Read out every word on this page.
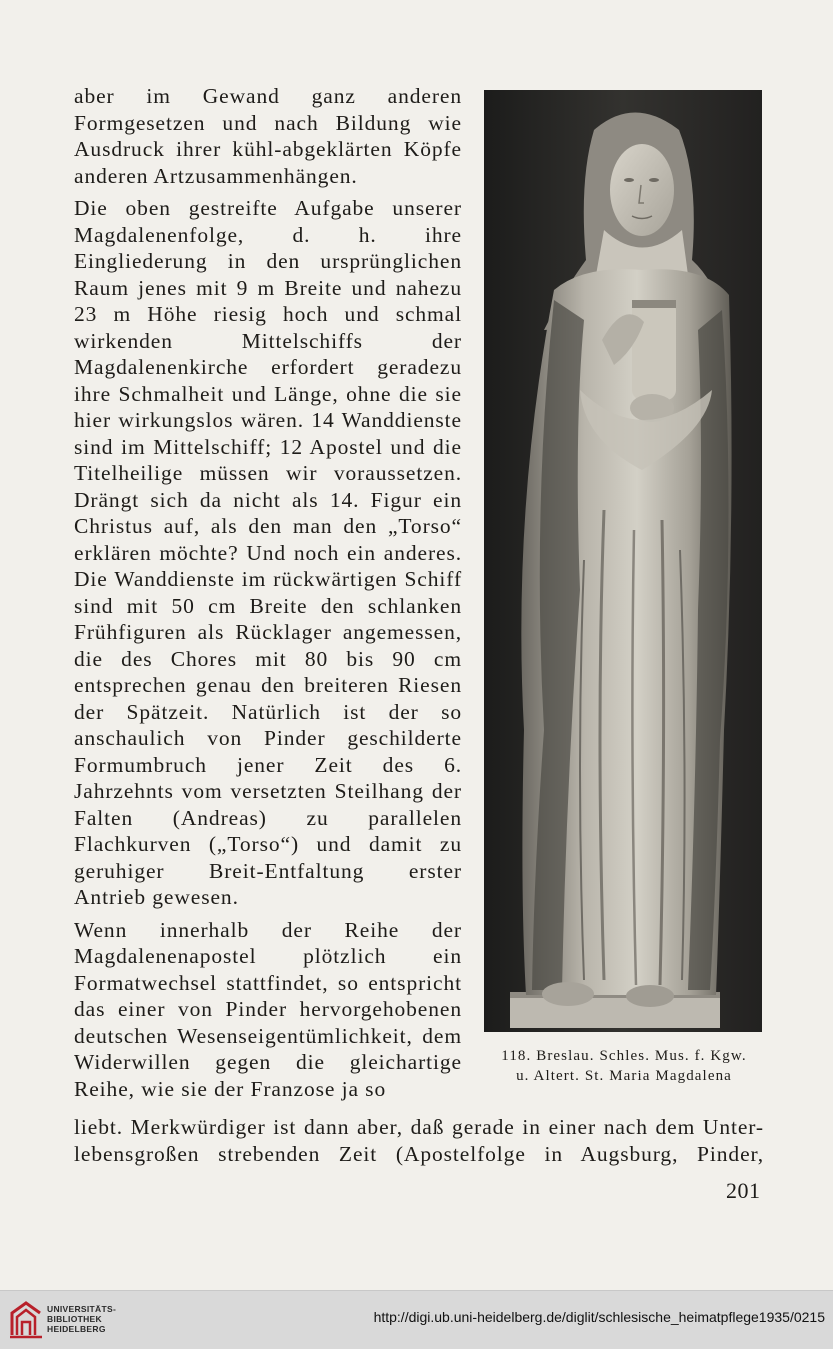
aber im Gewand ganz anderen Formgesetzen und nach Bildung wie Ausdruck ihrer kühl-abgeklärten Köpfe anderen Artzusammenhängen.

Die oben gestreifte Aufgabe unserer Magdalenenfolge, d. h. ihre Eingliederung in den ursprünglichen Raum jenes mit 9 m Breite und nahezu 23 m Höhe riesig hoch und schmal wirkenden Mittelschiffs der Magdalenenkirche erfordert geradezu ihre Schmalheit und Länge, ohne die sie hier wirkungslos wären. 14 Wanddienste sind im Mittelschiff; 12 Apostel und die Titelheilige müssen wir voraussetzen. Drängt sich da nicht als 14. Figur ein Christus auf, als den man den „Torso“ erklären möchte? Und noch ein anderes. Die Wanddienste im rückwärtigen Schiff sind mit 50 cm Breite den schlanken Frühfiguren als Rücklager angemessen, die des Chores mit 80 bis 90 cm entsprechen genau den breiteren Riesen der Spätzeit. Natürlich ist der so anschaulich von Pinder geschilderte Formumbruch jener Zeit des 6. Jahrzehnts vom versetzten Steilhang der Falten (Andreas) zu parallelen Flachkurven („Torso“) und damit zu geruhiger Breit-Entfaltung erster Antrieb gewesen.

Wenn innerhalb der Reihe der Magdalenenapostel plötzlich ein Formatwechsel stattfindet, so entspricht das einer von Pinder hervorgehobenen deutschen Wesenseigentümlichkeit, dem Widerwillen gegen die gleichartige Reihe, wie sie der Franzose ja so

118. Breslau. Schles. Mus. f. Kgw.
u. Altert. St. Maria Magdalena
liebt. Merkwürdiger ist dann aber, daß gerade in einer nach dem Unter-
lebensgroßen strebenden Zeit (Apostelfolge in Augsburg, Pinder,
201
UNIVERSITÄTS-
BIBLIOTHEK
HEIDELBERG
http://digi.ub.uni-heidelberg.de/diglit/schlesische_heimatpflege1935/0215
